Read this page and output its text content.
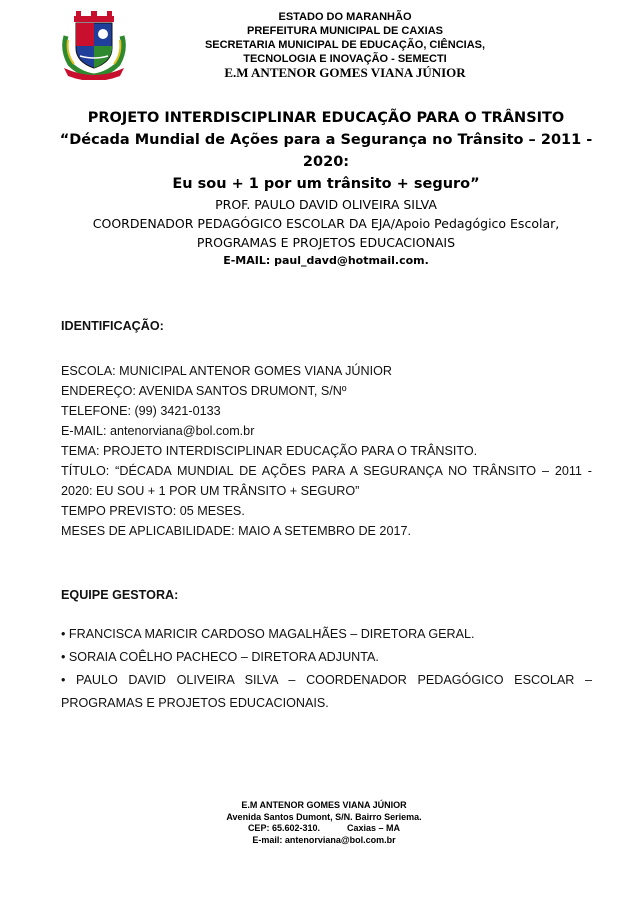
ESTADO DO MARANHÃO
PREFEITURA MUNICIPAL DE CAXIAS
SECRETARIA MUNICIPAL DE EDUCAÇÃO, CIÊNCIAS,
TECNOLOGIA E INOVAÇÃO - SEMECTI
E.M ANTENOR GOMES VIANA JÚNIOR
PROJETO INTERDISCIPLINAR EDUCAÇÃO PARA O TRÂNSITO
“Década Mundial de Ações para a Segurança no Trânsito – 2011 - 2020:
Eu sou + 1 por um trânsito + seguro”
PROF. PAULO DAVID OLIVEIRA SILVA
COORDENADOR PEDAGÓGICO ESCOLAR DA EJA/Apoio Pedagógico Escolar,
PROGRAMAS E PROJETOS EDUCACIONAIS
E-MAIL: paul_davd@hotmail.com.
IDENTIFICAÇÃO:
ESCOLA: MUNICIPAL ANTENOR GOMES VIANA JÚNIOR
ENDEREÇO: AVENIDA SANTOS DRUMONT, S/Nº
TELEFONE: (99) 3421-0133
E-MAIL: antenorviana@bol.com.br
TEMA: PROJETO INTERDISCIPLINAR EDUCAÇÃO PARA O TRÂNSITO.
TÍTULO: “DÉCADA MUNDIAL DE AÇÕES PARA A SEGURANÇA NO TRÂNSITO – 2011 -
2020: EU SOU + 1 POR UM TRÂNSITO + SEGURO”
TEMPO PREVISTO: 05 MESES.
MESES DE APLICABILIDADE: MAIO A SETEMBRO DE 2017.
EQUIPE GESTORA:
• FRANCISCA MARICIR CARDOSO MAGALHÃES – DIRETORA GERAL.
• SORAIA COÊLHO PACHECO – DIRETORA ADJUNTA.
• PAULO DAVID OLIVEIRA SILVA – COORDENADOR PEDAGÓGICO ESCOLAR –
PROGRAMAS E PROJETOS EDUCACIONAIS.
E.M ANTENOR GOMES VIANA JÚNIOR
Avenida Santos Dumont, S/N. Bairro Seriema.
CEP: 65.602-310.	Caxias – MA
E-mail: antenorviana@bol.com.br
